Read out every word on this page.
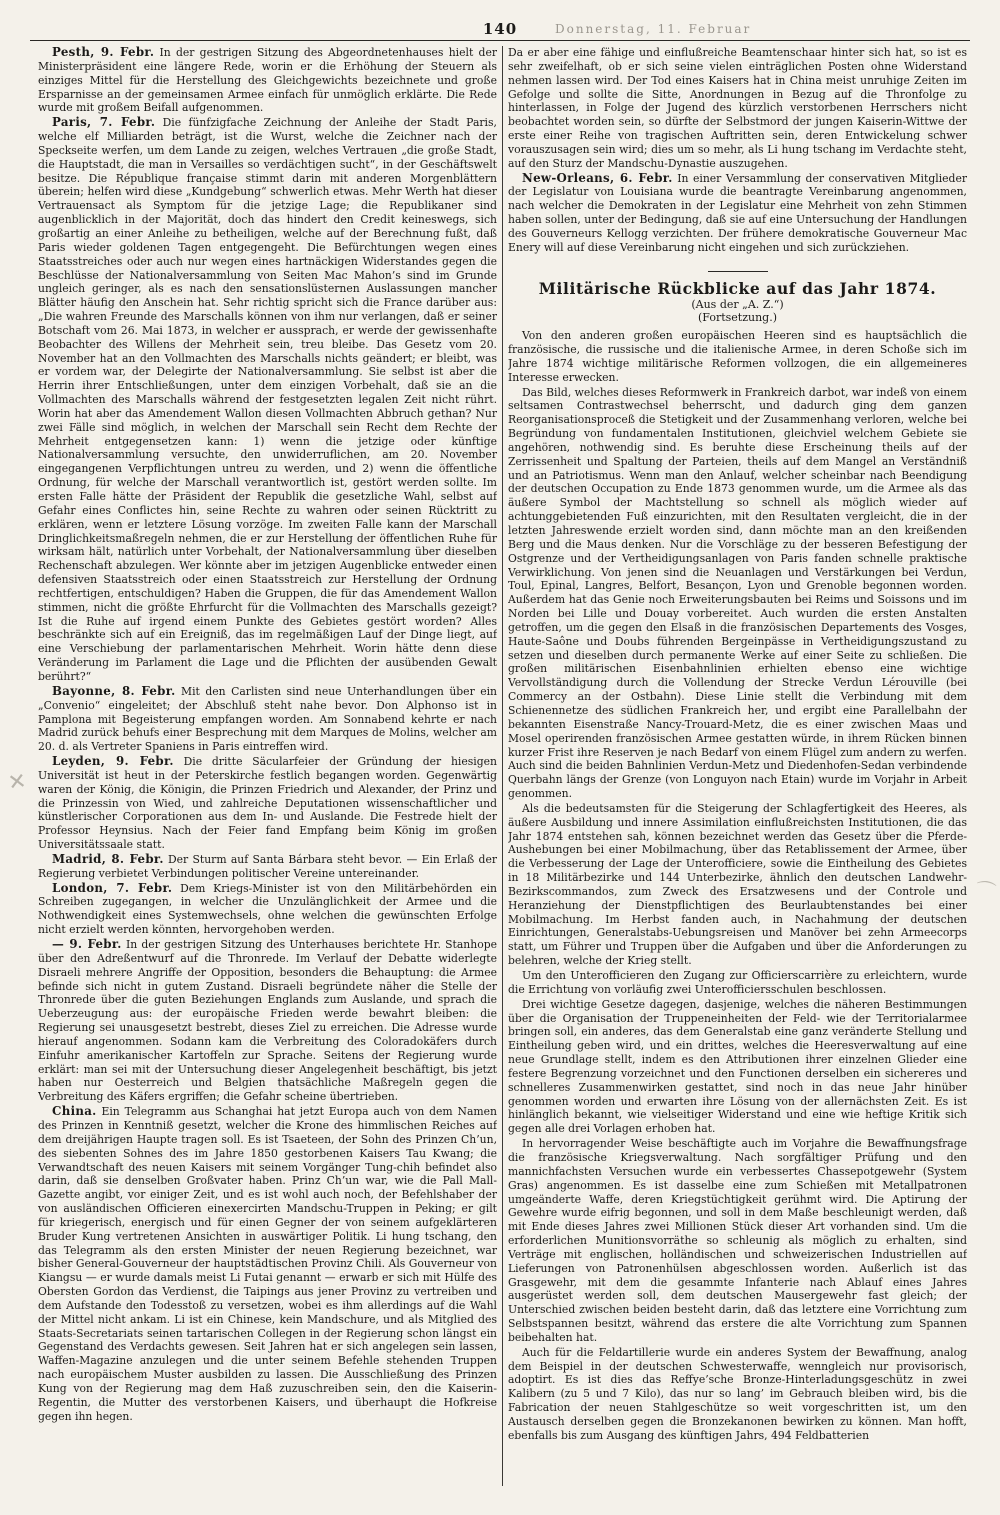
140	Donnerstag, 11. Februar
✕
⌒

Pesth, 9. Febr. In der gestrigen Sitzung des Abgeordnetenhauses hielt der Ministerpräsident eine längere Rede, worin er die Erhöhung der Steuern als einziges Mittel für die Herstellung des Gleichgewichts bezeichnete und große Ersparnisse an der gemeinsamen Armee einfach für unmöglich erklärte. Die Rede wurde mit großem Beifall aufgenommen.

Paris, 7. Febr. Die fünfzigfache Zeichnung der Anleihe der Stadt Paris, welche elf Milliarden beträgt, ist die Wurst, welche die Zeichner nach der Speckseite werfen, um dem Lande zu zeigen, welches Vertrauen „die große Stadt, die Hauptstadt, die man in Versailles so verdächtigen sucht“, in der Geschäftswelt besitze. Die République française stimmt darin mit anderen Morgenblättern überein; helfen wird diese „Kundgebung“ schwerlich etwas. Mehr Werth hat dieser Vertrauensact als Symptom für die jetzige Lage; die Republikaner sind augenblicklich in der Majorität, doch das hindert den Credit keineswegs, sich großartig an einer Anleihe zu betheiligen, welche auf der Berechnung fußt, daß Paris wieder goldenen Tagen entgegengeht. Die Befürchtungen wegen eines Staatsstreiches oder auch nur wegen eines hartnäckigen Widerstandes gegen die Beschlüsse der Nationalversammlung von Seiten Mac Mahon’s sind im Grunde ungleich geringer, als es nach den sensationslüsternen Auslassungen mancher Blätter häufig den Anschein hat. Sehr richtig spricht sich die France darüber aus: „Die wahren Freunde des Marschalls können von ihm nur verlangen, daß er seiner Botschaft vom 26. Mai 1873, in welcher er aussprach, er werde der gewissenhafte Beobachter des Willens der Mehrheit sein, treu bleibe. Das Gesetz vom 20. November hat an den Vollmachten des Marschalls nichts geändert; er bleibt, was er vordem war, der Delegirte der Nationalversammlung. Sie selbst ist aber die Herrin ihrer Entschließungen, unter dem einzigen Vorbehalt, daß sie an die Vollmachten des Marschalls während der festgesetzten legalen Zeit nicht rührt. Worin hat aber das Amendement Wallon diesen Vollmachten Abbruch gethan? Nur zwei Fälle sind möglich, in welchen der Marschall sein Recht dem Rechte der Mehrheit entgegensetzen kann: 1) wenn die jetzige oder künftige Nationalversammlung versuchte, den unwiderruflichen, am 20. November eingegangenen Verpflichtungen untreu zu werden, und 2) wenn die öffentliche Ordnung, für welche der Marschall verantwortlich ist, gestört werden sollte. Im ersten Falle hätte der Präsident der Republik die gesetzliche Wahl, selbst auf Gefahr eines Conflictes hin, seine Rechte zu wahren oder seinen Rücktritt zu erklären, wenn er letztere Lösung vorzöge. Im zweiten Falle kann der Marschall Dringlichkeitsmaßregeln nehmen, die er zur Herstellung der öffentlichen Ruhe für wirksam hält, natürlich unter Vorbehalt, der Nationalversammlung über dieselben Rechenschaft abzulegen. Wer könnte aber im jetzigen Augenblicke entweder einen defensiven Staatsstreich oder einen Staatsstreich zur Herstellung der Ordnung rechtfertigen, entschuldigen? Haben die Gruppen, die für das Amendement Wallon stimmen, nicht die größte Ehrfurcht für die Vollmachten des Marschalls gezeigt? Ist die Ruhe auf irgend einem Punkte des Gebietes gestört worden? Alles beschränkte sich auf ein Ereigniß, das im regelmäßigen Lauf der Dinge liegt, auf eine Verschiebung der parlamentarischen Mehrheit. Worin hätte denn diese Veränderung im Parlament die Lage und die Pflichten der ausübenden Gewalt berührt?“

Bayonne, 8. Febr. Mit den Carlisten sind neue Unterhandlungen über ein „Convenio“ eingeleitet; der Abschluß steht nahe bevor. Don Alphonso ist in Pamplona mit Begeisterung empfangen worden. Am Sonnabend kehrte er nach Madrid zurück behufs einer Besprechung mit dem Marques de Molins, welcher am 20. d. als Vertreter Spaniens in Paris eintreffen wird.

Leyden, 9. Febr. Die dritte Säcularfeier der Gründung der hiesigen Universität ist heut in der Peterskirche festlich begangen worden. Gegenwärtig waren der König, die Königin, die Prinzen Friedrich und Alexander, der Prinz und die Prinzessin von Wied, und zahlreiche Deputationen wissenschaftlicher und künstlerischer Corporationen aus dem In- und Auslande. Die Festrede hielt der Professor Heynsius. Nach der Feier fand Empfang beim König im großen Universitätssaale statt.

Madrid, 8. Febr. Der Sturm auf Santa Bárbara steht bevor. — Ein Erlaß der Regierung verbietet Verbindungen politischer Vereine untereinander.

London, 7. Febr. Dem Kriegs-Minister ist von den Militärbehörden ein Schreiben zugegangen, in welcher die Unzulänglichkeit der Armee und die Nothwendigkeit eines Systemwechsels, ohne welchen die gewünschten Erfolge nicht erzielt werden könnten, hervorgehoben werden.

— 9. Febr. In der gestrigen Sitzung des Unterhauses berichtete Hr. Stanhope über den Adreßentwurf auf die Thronrede. Im Verlauf der Debatte widerlegte Disraeli mehrere Angriffe der Opposition, besonders die Behauptung: die Armee befinde sich nicht in gutem Zustand. Disraeli begründete näher die Stelle der Thronrede über die guten Beziehungen Englands zum Auslande, und sprach die Ueberzeugung aus: der europäische Frieden werde bewahrt bleiben: die Regierung sei unausgesetzt bestrebt, dieses Ziel zu erreichen. Die Adresse wurde hierauf angenommen. Sodann kam die Verbreitung des Coloradokäfers durch Einfuhr amerikanischer Kartoffeln zur Sprache. Seitens der Regierung wurde erklärt: man sei mit der Untersuchung dieser Angelegenheit beschäftigt, bis jetzt haben nur Oesterreich und Belgien thatsächliche Maßregeln gegen die Verbreitung des Käfers ergriffen; die Gefahr scheine übertrieben.

China. Ein Telegramm aus Schanghai hat jetzt Europa auch von dem Namen des Prinzen in Kenntniß gesetzt, welcher die Krone des himmlischen Reiches auf dem dreijährigen Haupte tragen soll. Es ist Tsaeteen, der Sohn des Prinzen Ch’un, des siebenten Sohnes des im Jahre 1850 gestorbenen Kaisers Tau Kwang; die Verwandtschaft des neuen Kaisers mit seinem Vorgänger Tung-chih befindet also darin, daß sie denselben Großvater haben. Prinz Ch’un war, wie die Pall Mall-Gazette angibt, vor einiger Zeit, und es ist wohl auch noch, der Befehlshaber der von ausländischen Officieren einexercirten Mandschu-Truppen in Peking; er gilt für kriegerisch, energisch und für einen Gegner der von seinem aufgeklärteren Bruder Kung vertretenen Ansichten in auswärtiger Politik. Li hung tschang, den das Telegramm als den ersten Minister der neuen Regierung bezeichnet, war bisher General-Gouverneur der hauptstädtischen Provinz Chili. Als Gouverneur von Kiangsu — er wurde damals meist Li Futai genannt — erwarb er sich mit Hülfe des Obersten Gordon das Verdienst, die Taipings aus jener Provinz zu vertreiben und dem Aufstande den Todesstoß zu versetzen, wobei es ihm allerdings auf die Wahl der Mittel nicht ankam. Li ist ein Chinese, kein Mandschure, und als Mitglied des Staats-Secretariats seinen tartarischen Collegen in der Regierung schon längst ein Gegenstand des Verdachts gewesen. Seit Jahren hat er sich angelegen sein lassen, Waffen-Magazine anzulegen und die unter seinem Befehle stehenden Truppen nach europäischem Muster ausbilden zu lassen. Die Ausschließung des Prinzen Kung von der Regierung mag dem Haß zuzuschreiben sein, den die Kaiserin-Regentin, die Mutter des verstorbenen Kaisers, und überhaupt die Hofkreise gegen ihn hegen.

Da er aber eine fähige und einflußreiche Beamtenschaar hinter sich hat, so ist es sehr zweifelhaft, ob er sich seine vielen einträglichen Posten ohne Widerstand nehmen lassen wird. Der Tod eines Kaisers hat in China meist unruhige Zeiten im Gefolge und sollte die Sitte, Anordnungen in Bezug auf die Thronfolge zu hinterlassen, in Folge der Jugend des kürzlich verstorbenen Herrschers nicht beobachtet worden sein, so dürfte der Selbstmord der jungen Kaiserin-Wittwe der erste einer Reihe von tragischen Auftritten sein, deren Entwickelung schwer vorauszusagen sein wird; dies um so mehr, als Li hung tschang im Verdachte steht, auf den Sturz der Mandschu-Dynastie auszugehen.

New-Orleans, 6. Febr. In einer Versammlung der conservativen Mitglieder der Legislatur von Louisiana wurde die beantragte Vereinbarung angenommen, nach welcher die Demokraten in der Legislatur eine Mehrheit von zehn Stimmen haben sollen, unter der Bedingung, daß sie auf eine Untersuchung der Handlungen des Gouverneurs Kellogg verzichten. Der frühere demokratische Gouverneur Mac Enery will auf diese Vereinbarung nicht eingehen und sich zurückziehen.

Militärische Rückblicke auf das Jahr 1874.
(Aus der „A. Z.“)
(Fortsetzung.)

Von den anderen großen europäischen Heeren sind es hauptsächlich die französische, die russische und die italienische Armee, in deren Schoße sich im Jahre 1874 wichtige militärische Reformen vollzogen, die ein allgemeineres Interesse erwecken.

Das Bild, welches dieses Reformwerk in Frankreich darbot, war indeß von einem seltsamen Contrastwechsel beherrscht, und dadurch ging dem ganzen Reorganisationsproceß die Stetigkeit und der Zusammenhang verloren, welche bei Begründung von fundamentalen Institutionen, gleichviel welchem Gebiete sie angehören, nothwendig sind. Es beruhte diese Erscheinung theils auf der Zerrissenheit und Spaltung der Parteien, theils auf dem Mangel an Verständniß und an Patriotismus. Wenn man den Anlauf, welcher scheinbar nach Beendigung der deutschen Occupation zu Ende 1873 genommen wurde, um die Armee als das äußere Symbol der Machtstellung so schnell als möglich wieder auf achtunggebietenden Fuß einzurichten, mit den Resultaten vergleicht, die in der letzten Jahreswende erzielt worden sind, dann möchte man an den kreißenden Berg und die Maus denken. Nur die Vorschläge zu der besseren Befestigung der Ostgrenze und der Vertheidigungsanlagen von Paris fanden schnelle praktische Verwirklichung. Von jenen sind die Neuanlagen und Verstärkungen bei Verdun, Toul, Epinal, Langres, Belfort, Besançon, Lyon und Grenoble begonnen worden. Außerdem hat das Genie noch Erweiterungsbauten bei Reims und Soissons und im Norden bei Lille und Douay vorbereitet. Auch wurden die ersten Anstalten getroffen, um die gegen den Elsaß in die französischen Departements des Vosges, Haute-Saône und Doubs führenden Bergeinpässe in Vertheidigungszustand zu setzen und dieselben durch permanente Werke auf einer Seite zu schließen. Die großen militärischen Eisenbahnlinien erhielten ebenso eine wichtige Vervollständigung durch die Vollendung der Strecke Verdun Lérouville (bei Commercy an der Ostbahn). Diese Linie stellt die Verbindung mit dem Schienennetze des südlichen Frankreich her, und ergibt eine Parallelbahn der bekannten Eisenstraße Nancy-Trouard-Metz, die es einer zwischen Maas und Mosel operirenden französischen Armee gestatten würde, in ihrem Rücken binnen kurzer Frist ihre Reserven je nach Bedarf von einem Flügel zum andern zu werfen. Auch sind die beiden Bahnlinien Verdun-Metz und Diedenhofen-Sedan verbindende Querbahn längs der Grenze (von Longuyon nach Etain) wurde im Vorjahr in Arbeit genommen.

Als die bedeutsamsten für die Steigerung der Schlagfertigkeit des Heeres, als äußere Ausbildung und innere Assimilation einflußreichsten Institutionen, die das Jahr 1874 entstehen sah, können bezeichnet werden das Gesetz über die Pferde-Aushebungen bei einer Mobilmachung, über das Retablissement der Armee, über die Verbesserung der Lage der Unterofficiere, sowie die Eintheilung des Gebietes in 18 Militärbezirke und 144 Unterbezirke, ähnlich den deutschen Landwehr-Bezirkscommandos, zum Zweck des Ersatzwesens und der Controle und Heranziehung der Dienstpflichtigen des Beurlaubtenstandes bei einer Mobilmachung. Im Herbst fanden auch, in Nachahmung der deutschen Einrichtungen, Generalstabs-Uebungsreisen und Manöver bei zehn Armeecorps statt, um Führer und Truppen über die Aufgaben und über die Anforderungen zu belehren, welche der Krieg stellt.

Um den Unterofficieren den Zugang zur Officierscarrière zu erleichtern, wurde die Errichtung von vorläufig zwei Unterofficiersschulen beschlossen.

Drei wichtige Gesetze dagegen, dasjenige, welches die näheren Bestimmungen über die Organisation der Truppeneinheiten der Feld- wie der Territorialarmee bringen soll, ein anderes, das dem Generalstab eine ganz veränderte Stellung und Eintheilung geben wird, und ein drittes, welches die Heeresverwaltung auf eine neue Grundlage stellt, indem es den Attributionen ihrer einzelnen Glieder eine festere Begrenzung vorzeichnet und den Functionen derselben ein sichereres und schnelleres Zusammenwirken gestattet, sind noch in das neue Jahr hinüber genommen worden und erwarten ihre Lösung von der allernächsten Zeit. Es ist hinlänglich bekannt, wie vielseitiger Widerstand und eine wie heftige Kritik sich gegen alle drei Vorlagen erhoben hat.

In hervorragender Weise beschäftigte auch im Vorjahre die Bewaffnungsfrage die französische Kriegsverwaltung. Nach sorgfältiger Prüfung und den mannichfachsten Versuchen wurde ein verbessertes Chassepotgewehr (System Gras) angenommen. Es ist dasselbe eine zum Schießen mit Metallpatronen umgeänderte Waffe, deren Kriegstüchtigkeit gerühmt wird. Die Aptirung der Gewehre wurde eifrig begonnen, und soll in dem Maße beschleunigt werden, daß mit Ende dieses Jahres zwei Millionen Stück dieser Art vorhanden sind. Um die erforderlichen Munitionsvorräthe so schleunig als möglich zu erhalten, sind Verträge mit englischen, holländischen und schweizerischen Industriellen auf Lieferungen von Patronenhülsen abgeschlossen worden. Außerlich ist das Grasgewehr, mit dem die gesammte Infanterie nach Ablauf eines Jahres ausgerüstet werden soll, dem deutschen Mausergewehr fast gleich; der Unterschied zwischen beiden besteht darin, daß das letztere eine Vorrichtung zum Selbstspannen besitzt, während das erstere die alte Vorrichtung zum Spannen beibehalten hat.

Auch für die Feldartillerie wurde ein anderes System der Bewaffnung, analog dem Beispiel in der deutschen Schwesterwaffe, wenngleich nur provisorisch, adoptirt. Es ist dies das Reffye’sche Bronze-Hinterladungsgeschütz in zwei Kalibern (zu 5 und 7 Kilo), das nur so lang’ im Gebrauch bleiben wird, bis die Fabrication der neuen Stahlgeschütze so weit vorgeschritten ist, um den Austausch derselben gegen die Bronzekanonen bewirken zu können. Man hofft, ebenfalls bis zum Ausgang des künftigen Jahrs, 494 Feldbatterien
